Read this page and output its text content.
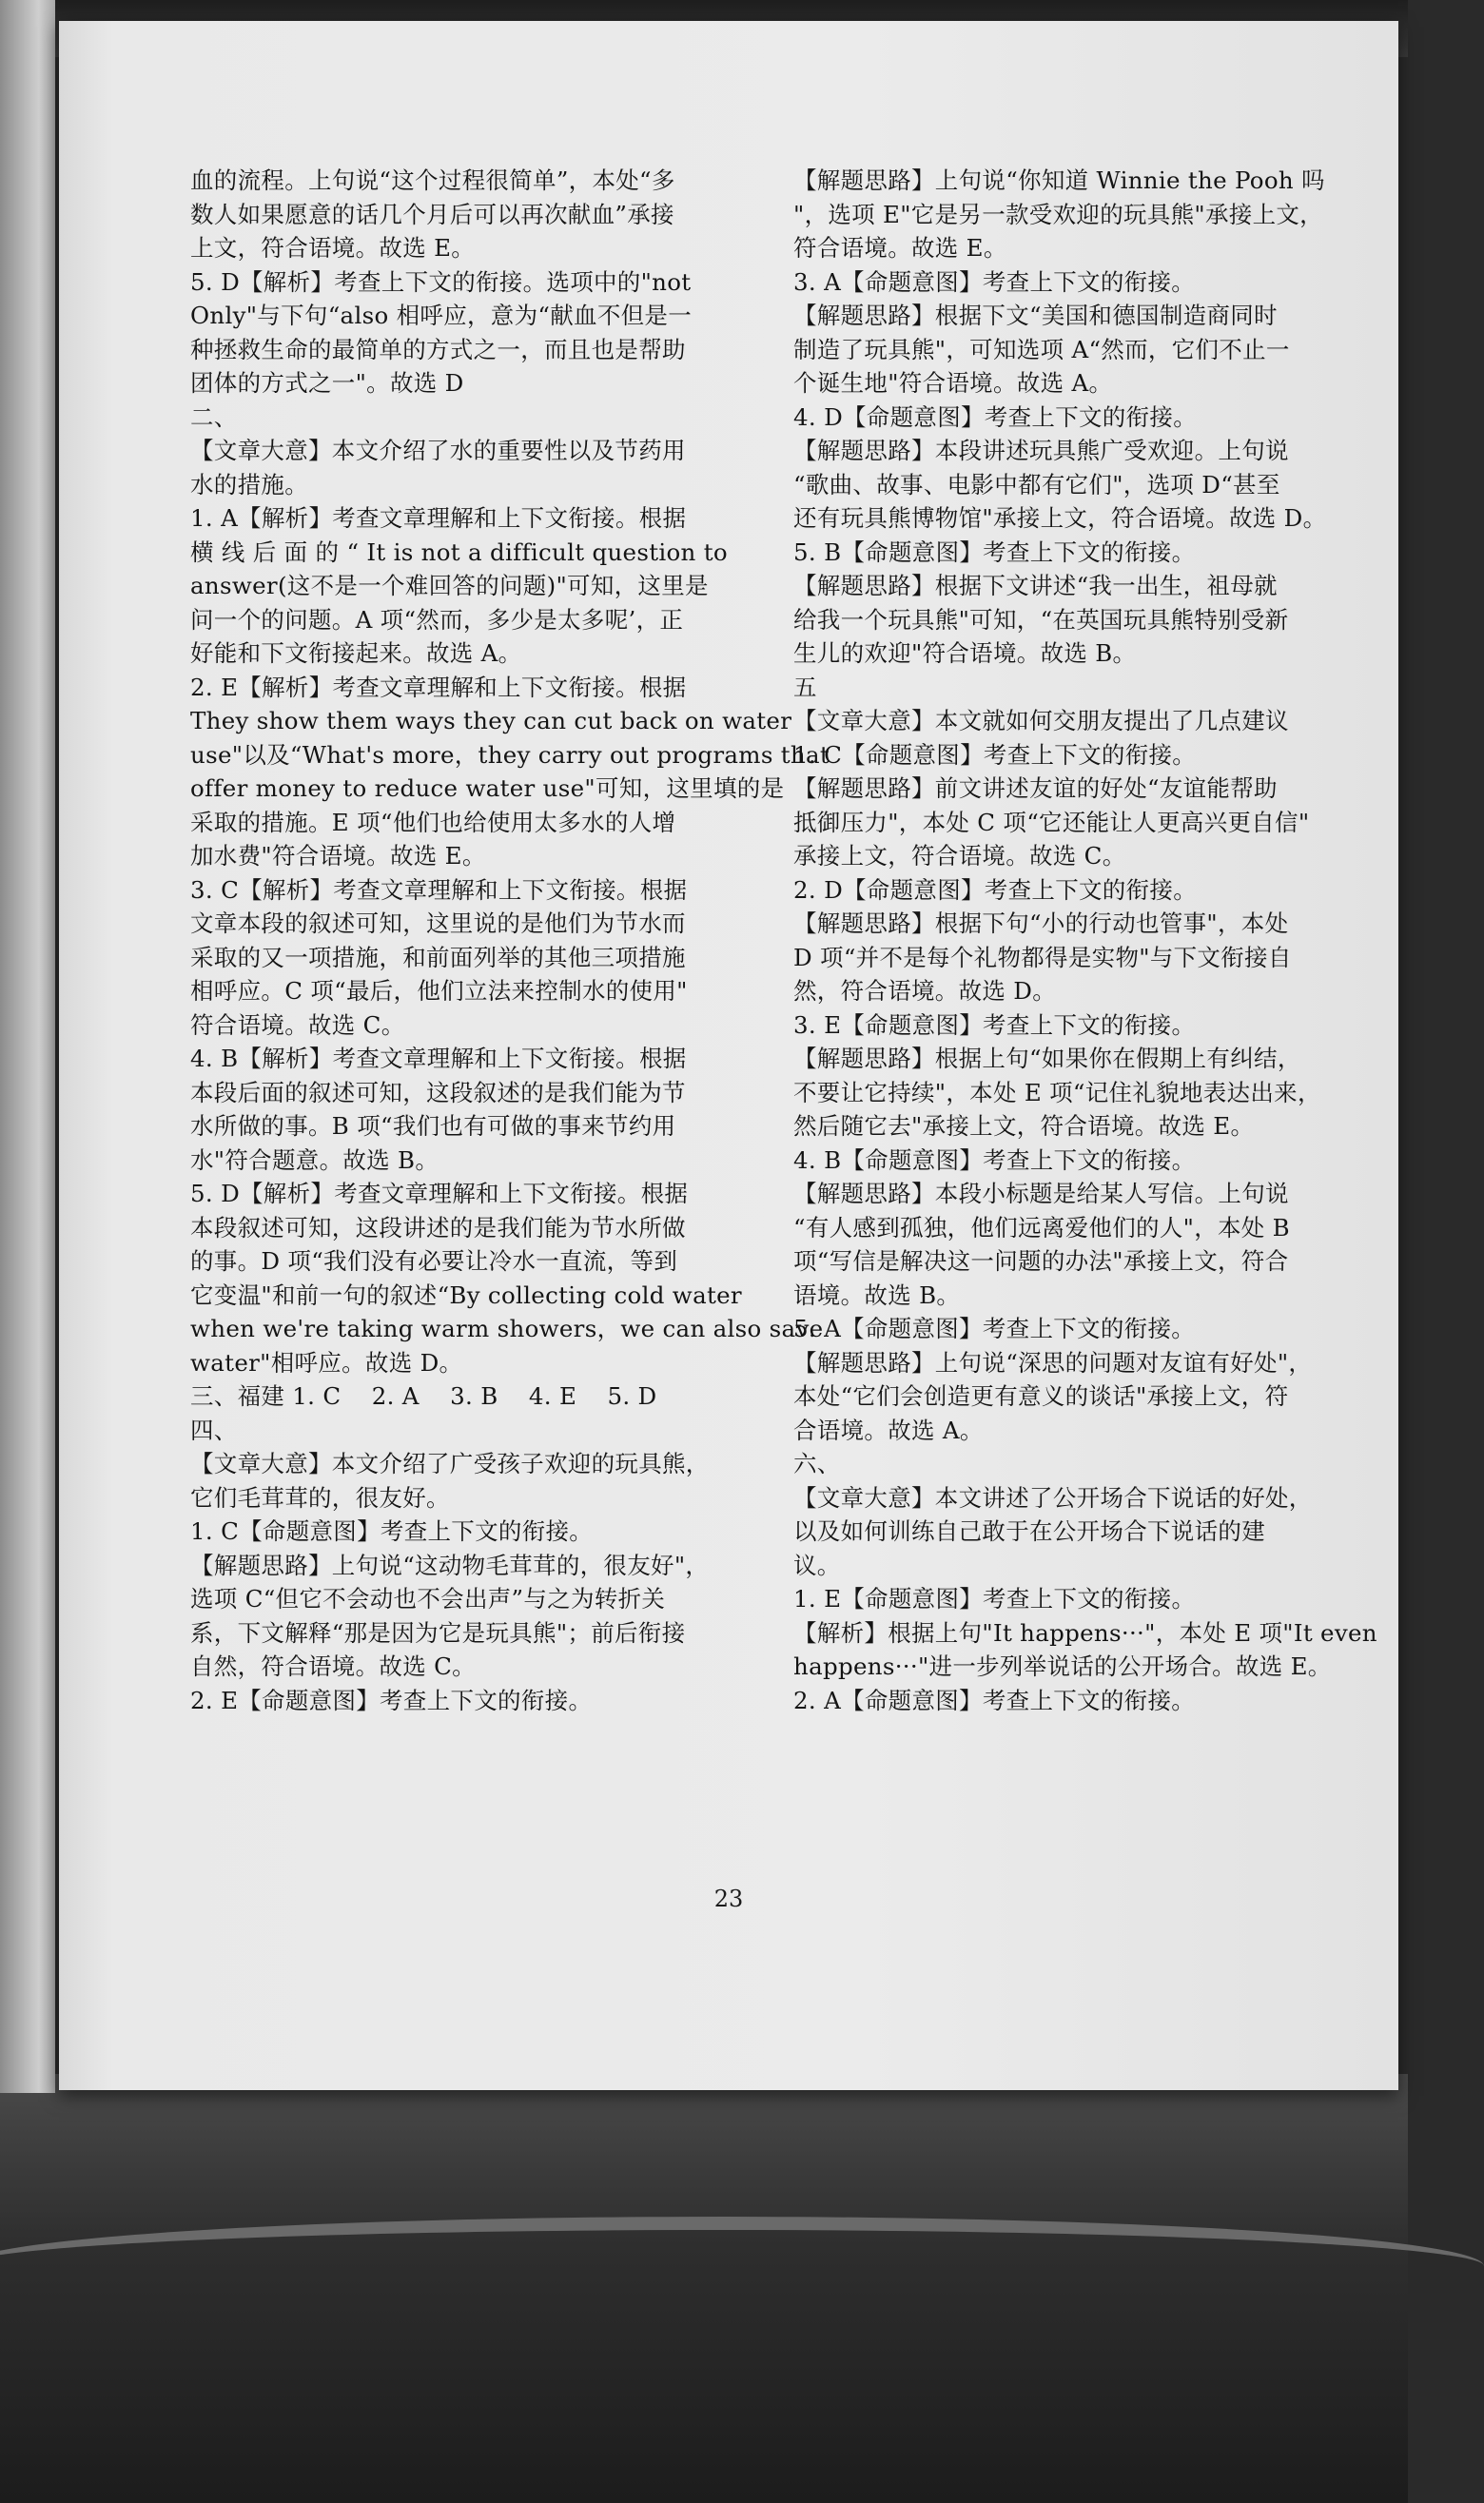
血的流程。上句说“这个过程很简单”，本处“多
数人如果愿意的话几个月后可以再次献血”承接
上文，符合语境。故选 E。
5. D【解析】考查上下文的衔接。选项中的"not
Only"与下句“also 相呼应，意为“献血不但是一
种拯救生命的最简单的方式之一，而且也是帮助
团体的方式之一"。故选 D
二、
【文章大意】本文介绍了水的重要性以及节药用
水的措施。
1. A【解析】考查文章理解和上下文衔接。根据
横 线 后 面 的 “ It is not a difficult question to
answer(这不是一个难回答的问题)"可知，这里是
问一个的问题。A 项“然而，多少是太多呢’，正
好能和下文衔接起来。故选 A。
2. E【解析】考查文章理解和上下文衔接。根据
They show them ways they can cut back on water
use"以及“What's more，they carry out programs that
offer money to reduce water use"可知，这里填的是
采取的措施。E 项“他们也给使用太多水的人增
加水费"符合语境。故选 E。
3. C【解析】考查文章理解和上下文衔接。根据
文章本段的叙述可知，这里说的是他们为节水而
采取的又一项措施，和前面列举的其他三项措施
相呼应。C 项“最后，他们立法来控制水的使用"
符合语境。故选 C。
4. B【解析】考查文章理解和上下文衔接。根据
本段后面的叙述可知，这段叙述的是我们能为节
水所做的事。B 项“我们也有可做的事来节约用
水"符合题意。故选 B。
5. D【解析】考查文章理解和上下文衔接。根据
本段叙述可知，这段讲述的是我们能为节水所做
的事。D 项“我们没有必要让冷水一直流，等到
它变温"和前一句的叙述“By collecting cold water
when we're taking warm showers，we can also save
water"相呼应。故选 D。
三、福建 1. C    2. A    3. B    4. E    5. D
四、
【文章大意】本文介绍了广受孩子欢迎的玩具熊，
它们毛茸茸的，很友好。
1. C【命题意图】考查上下文的衔接。
【解题思路】上句说“这动物毛茸茸的，很友好"，
选项 C“但它不会动也不会出声”与之为转折关
系，下文解释“那是因为它是玩具熊"；前后衔接
自然，符合语境。故选 C。
2. E【命题意图】考查上下文的衔接。
【解题思路】上句说“你知道 Winnie the Pooh 吗
"，选项 E"它是另一款受欢迎的玩具熊"承接上文，
符合语境。故选 E。
3. A【命题意图】考查上下文的衔接。
【解题思路】根据下文“美国和德国制造商同时
制造了玩具熊"，可知选项 A“然而，它们不止一
个诞生地"符合语境。故选 A。
4. D【命题意图】考查上下文的衔接。
【解题思路】本段讲述玩具熊广受欢迎。上句说
“歌曲、故事、电影中都有它们"，选项 D“甚至
还有玩具熊博物馆"承接上文，符合语境。故选 D。
5. B【命题意图】考查上下文的衔接。
【解题思路】根据下文讲述“我一出生，祖母就
给我一个玩具熊"可知，“在英国玩具熊特别受新
生儿的欢迎"符合语境。故选 B。
五
【文章大意】本文就如何交朋友提出了几点建议
1. C【命题意图】考查上下文的衔接。
【解题思路】前文讲述友谊的好处“友谊能帮助
抵御压力"，本处 C 项“它还能让人更高兴更自信"
承接上文，符合语境。故选 C。
2. D【命题意图】考查上下文的衔接。
【解题思路】根据下句“小的行动也管事"，本处
D 项“并不是每个礼物都得是实物"与下文衔接自
然，符合语境。故选 D。
3. E【命题意图】考查上下文的衔接。
【解题思路】根据上句“如果你在假期上有纠结，
不要让它持续"，本处 E 项“记住礼貌地表达出来，
然后随它去"承接上文，符合语境。故选 E。
4. B【命题意图】考查上下文的衔接。
【解题思路】本段小标题是给某人写信。上句说
“有人感到孤独，他们远离爱他们的人"，本处 B
项“写信是解决这一问题的办法"承接上文，符合
语境。故选 B。
5. A【命题意图】考查上下文的衔接。
【解题思路】上句说“深思的问题对友谊有好处"，
本处“它们会创造更有意义的谈话"承接上文，符
合语境。故选 A。
六、
【文章大意】本文讲述了公开场合下说话的好处，
以及如何训练自己敢于在公开场合下说话的建
议。
1. E【命题意图】考查上下文的衔接。
【解析】根据上句"It happens···"，本处 E 项"It even
happens···"进一步列举说话的公开场合。故选 E。
2. A【命题意图】考查上下文的衔接。
23
